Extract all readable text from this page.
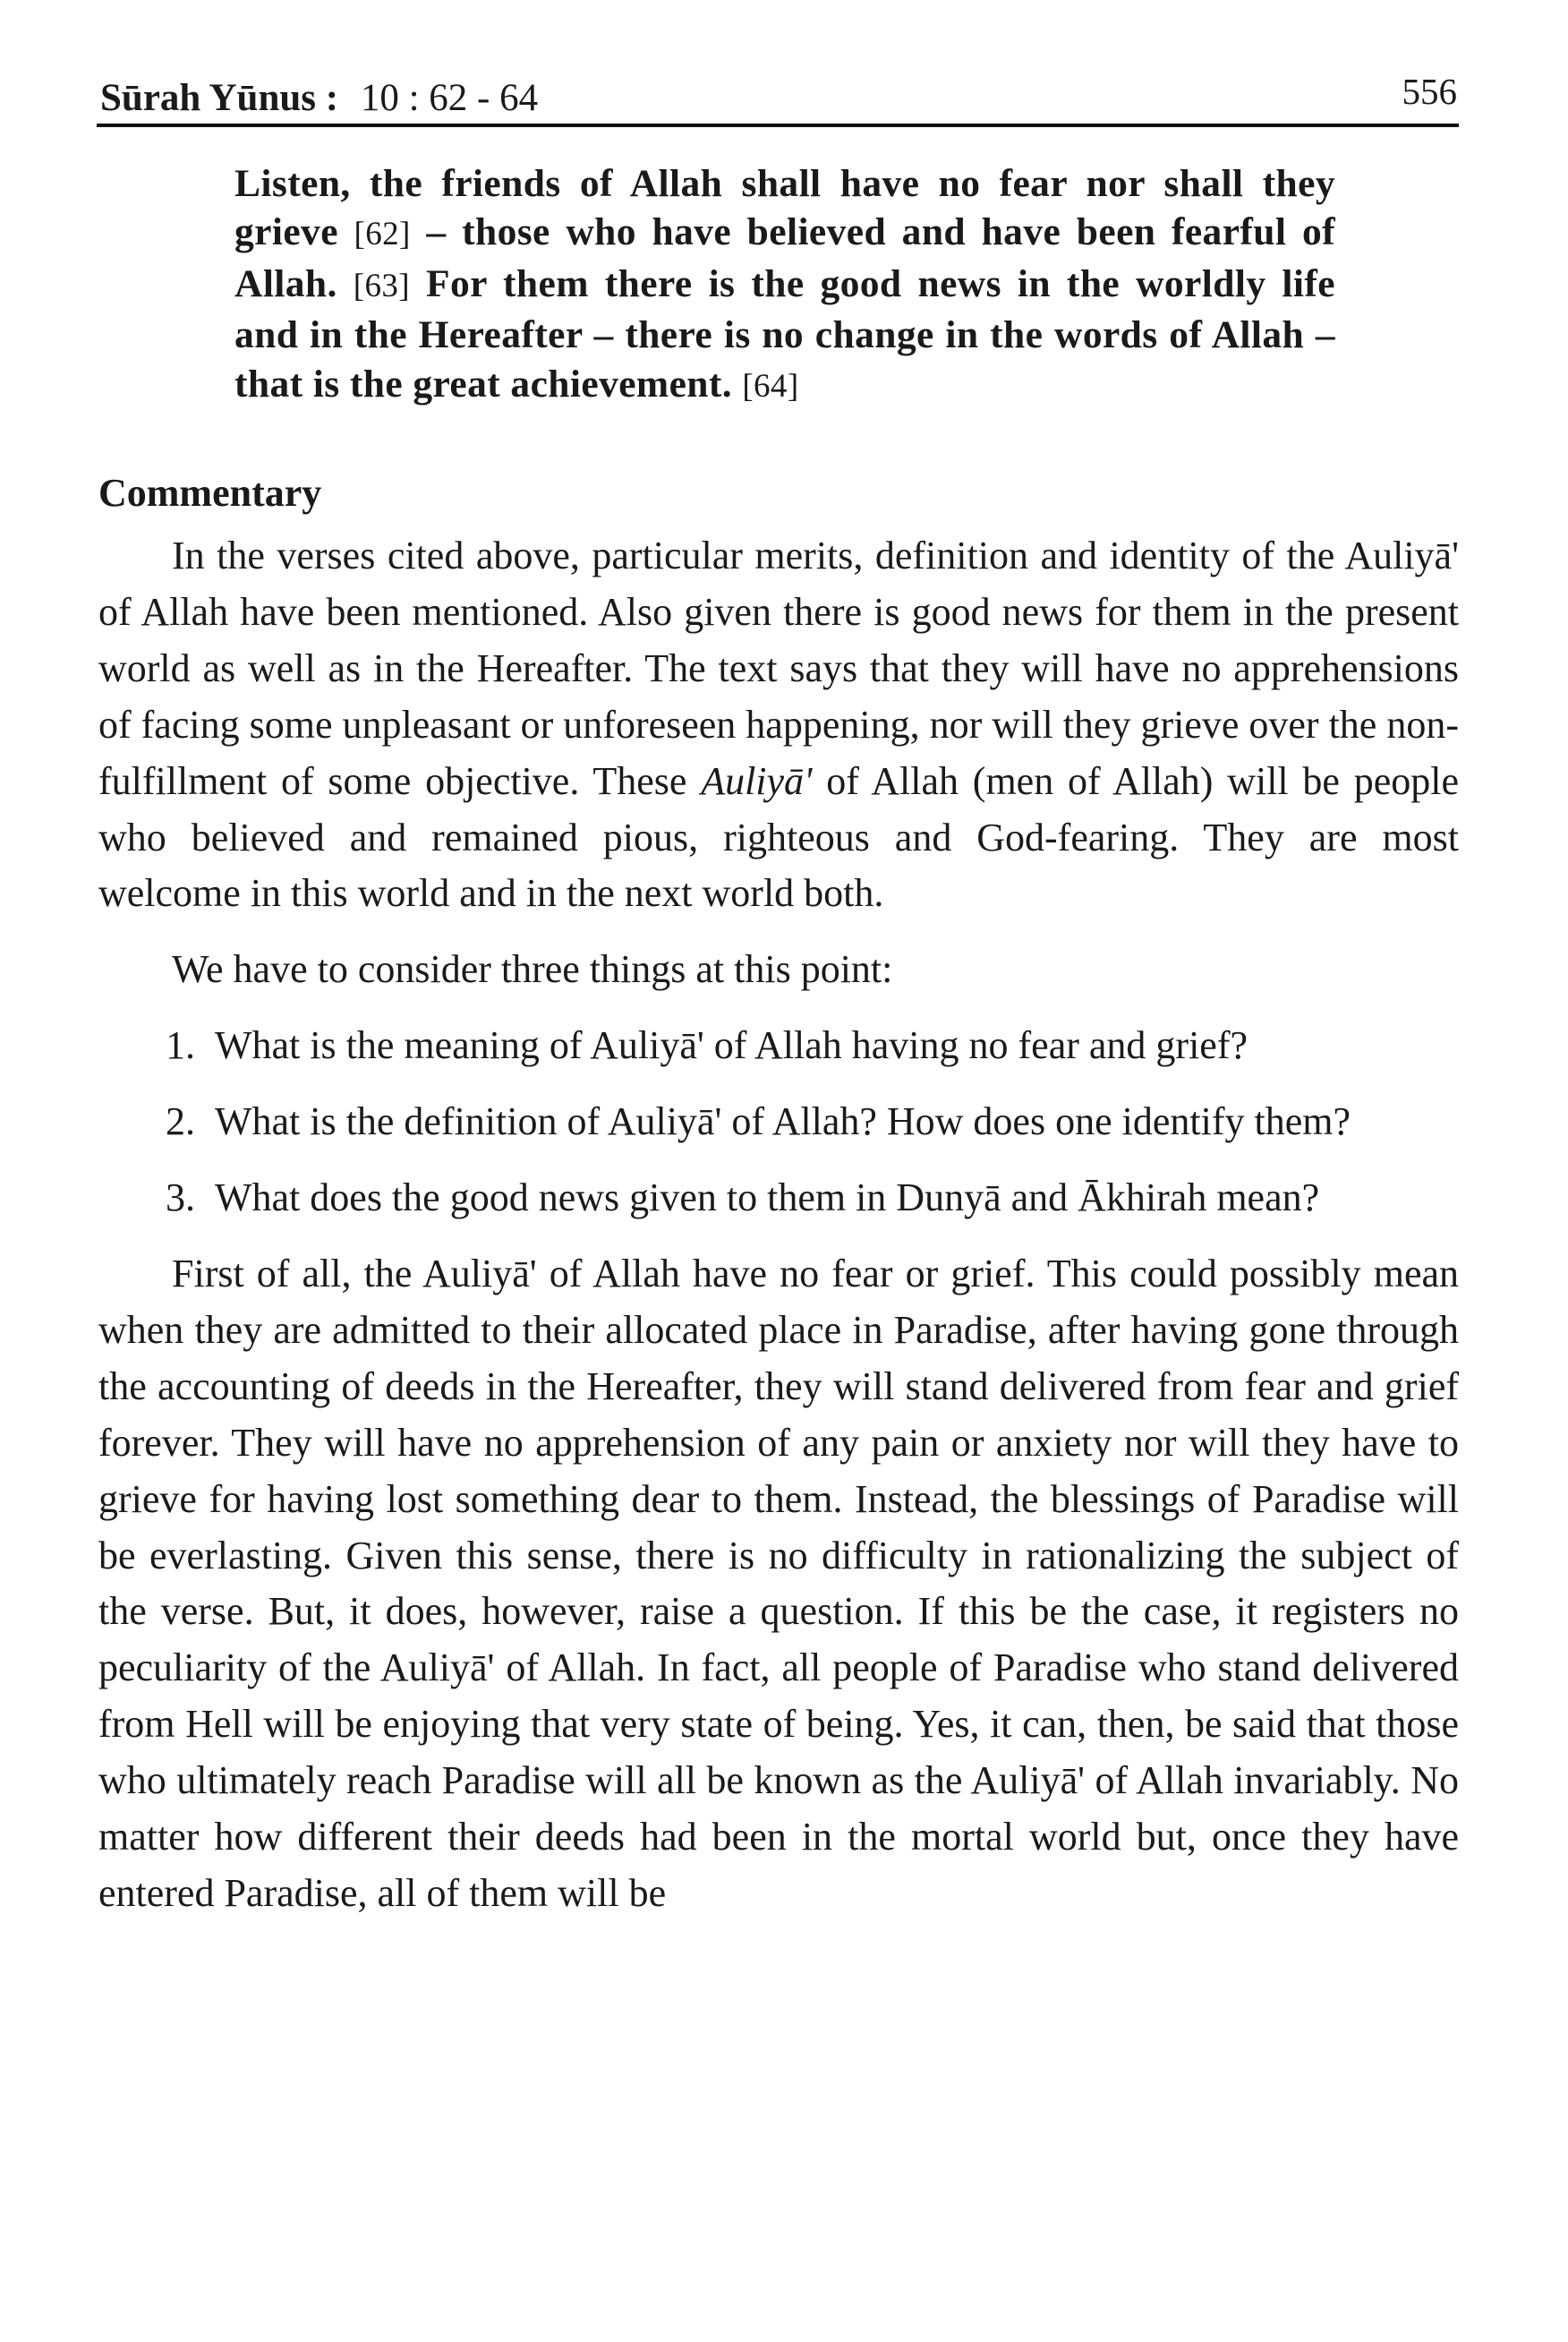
Sūrah Yūnus : 10 : 62 - 64	556
Listen, the friends of Allah shall have no fear nor shall they grieve [62] – those who have believed and have been fearful of Allah. [63] For them there is the good news in the worldly life and in the Hereafter – there is no change in the words of Allah – that is the great achievement. [64]
Commentary

In the verses cited above, particular merits, definition and identity of the Auliyā' of Allah have been mentioned. Also given there is good news for them in the present world as well as in the Hereafter. The text says that they will have no apprehensions of facing some unpleasant or unforeseen happening, nor will they grieve over the non-fulfillment of some objective. These Auliyā' of Allah (men of Allah) will be people who believed and remained pious, righteous and God-fearing. They are most welcome in this world and in the next world both.

We have to consider three things at this point:

1. What is the meaning of Auliyā' of Allah having no fear and grief?
2. What is the definition of Auliyā' of Allah? How does one identify them?
3. What does the good news given to them in Dunyā and Ākhirah mean?

First of all, the Auliyā' of Allah have no fear or grief. This could possibly mean when they are admitted to their allocated place in Paradise, after having gone through the accounting of deeds in the Hereafter, they will stand delivered from fear and grief forever. They will have no apprehension of any pain or anxiety nor will they have to grieve for having lost something dear to them. Instead, the blessings of Paradise will be everlasting. Given this sense, there is no difficulty in rationalizing the subject of the verse. But, it does, however, raise a question. If this be the case, it registers no peculiarity of the Auliyā' of Allah. In fact, all people of Paradise who stand delivered from Hell will be enjoying that very state of being. Yes, it can, then, be said that those who ultimately reach Paradise will all be known as the Auliyā' of Allah invariably. No matter how different their deeds had been in the mortal world but, once they have entered Paradise, all of them will be
